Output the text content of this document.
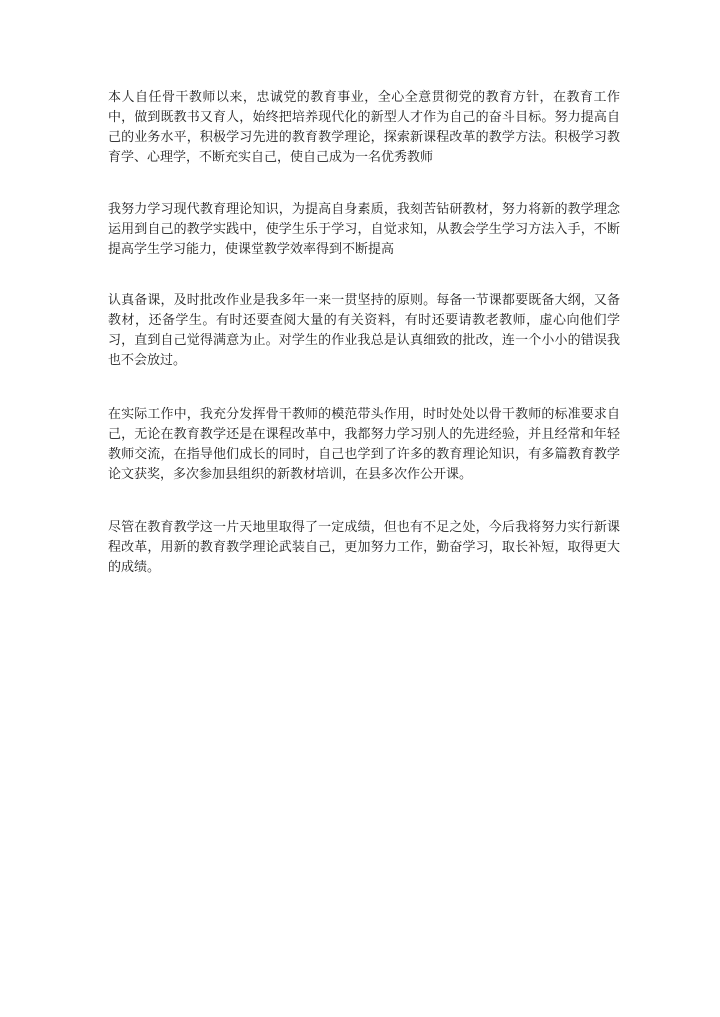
本人自任骨干教师以来，忠诚党的教育事业，全心全意贯彻党的教育方针，在教育工作中，做到既教书又育人，始终把培养现代化的新型人才作为自己的奋斗目标。努力提高自己的业务水平，积极学习先进的教育教学理论，探索新课程改革的教学方法。积极学习教育学、心理学，不断充实自己，使自己成为一名优秀教师

我努力学习现代教育理论知识，为提高自身素质，我刻苦钻研教材，努力将新的教学理念运用到自己的教学实践中，使学生乐于学习，自觉求知，从教会学生学习方法入手，不断提高学生学习能力，使课堂教学效率得到不断提高

认真备课，及时批改作业是我多年一来一贯坚持的原则。每备一节课都要既备大纲，又备教材，还备学生。有时还要查阅大量的有关资料，有时还要请教老教师，虚心向他们学习，直到自己觉得满意为止。对学生的作业我总是认真细致的批改，连一个小小的错误我也不会放过。

在实际工作中，我充分发挥骨干教师的模范带头作用，时时处处以骨干教师的标准要求自己，无论在教育教学还是在课程改革中，我都努力学习别人的先进经验，并且经常和年轻教师交流，在指导他们成长的同时，自己也学到了许多的教育理论知识，有多篇教育教学论文获奖，多次参加县组织的新教材培训，在县多次作公开课。

尽管在教育教学这一片天地里取得了一定成绩，但也有不足之处，今后我将努力实行新课程改革，用新的教育教学理论武装自己，更加努力工作，勤奋学习，取长补短，取得更大的成绩。
